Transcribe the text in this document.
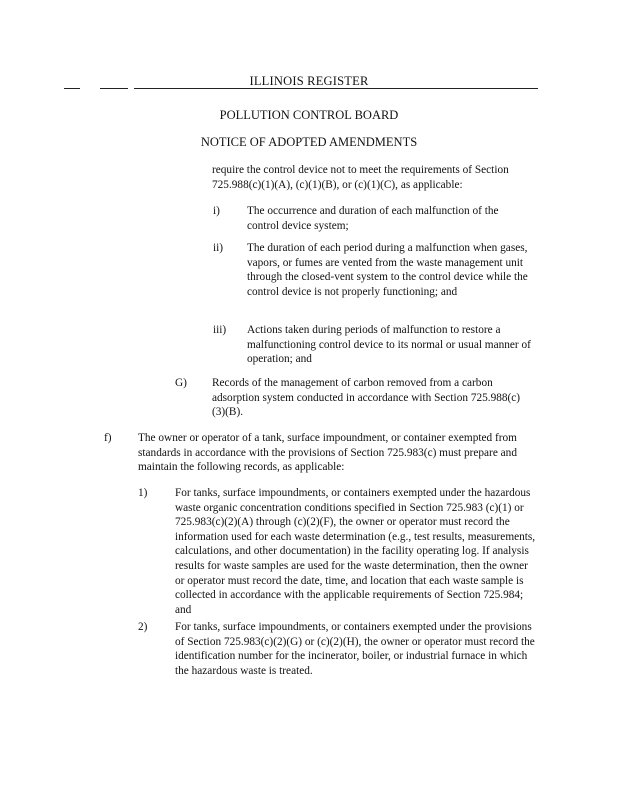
ILLINOIS REGISTER
POLLUTION CONTROL BOARD
NOTICE OF ADOPTED AMENDMENTS
require the control device not to meet the requirements of Section 725.988(c)(1)(A), (c)(1)(B), or (c)(1)(C), as applicable:
i) The occurrence and duration of each malfunction of the control device system;
ii) The duration of each period during a malfunction when gases, vapors, or fumes are vented from the waste management unit through the closed-vent system to the control device while the control device is not properly functioning; and
iii) Actions taken during periods of malfunction to restore a malfunctioning control device to its normal or usual manner of operation; and
G) Records of the management of carbon removed from a carbon adsorption system conducted in accordance with Section 725.988(c)(3)(B).
f) The owner or operator of a tank, surface impoundment, or container exempted from standards in accordance with the provisions of Section 725.983(c) must prepare and maintain the following records, as applicable:
1) For tanks, surface impoundments, or containers exempted under the hazardous waste organic concentration conditions specified in Section 725.983 (c)(1) or 725.983(c)(2)(A) through (c)(2)(F), the owner or operator must record the information used for each waste determination (e.g., test results, measurements, calculations, and other documentation) in the facility operating log. If analysis results for waste samples are used for the waste determination, then the owner or operator must record the date, time, and location that each waste sample is collected in accordance with the applicable requirements of Section 725.984; and
2) For tanks, surface impoundments, or containers exempted under the provisions of Section 725.983(c)(2)(G) or (c)(2)(H), the owner or operator must record the identification number for the incinerator, boiler, or industrial furnace in which the hazardous waste is treated.
